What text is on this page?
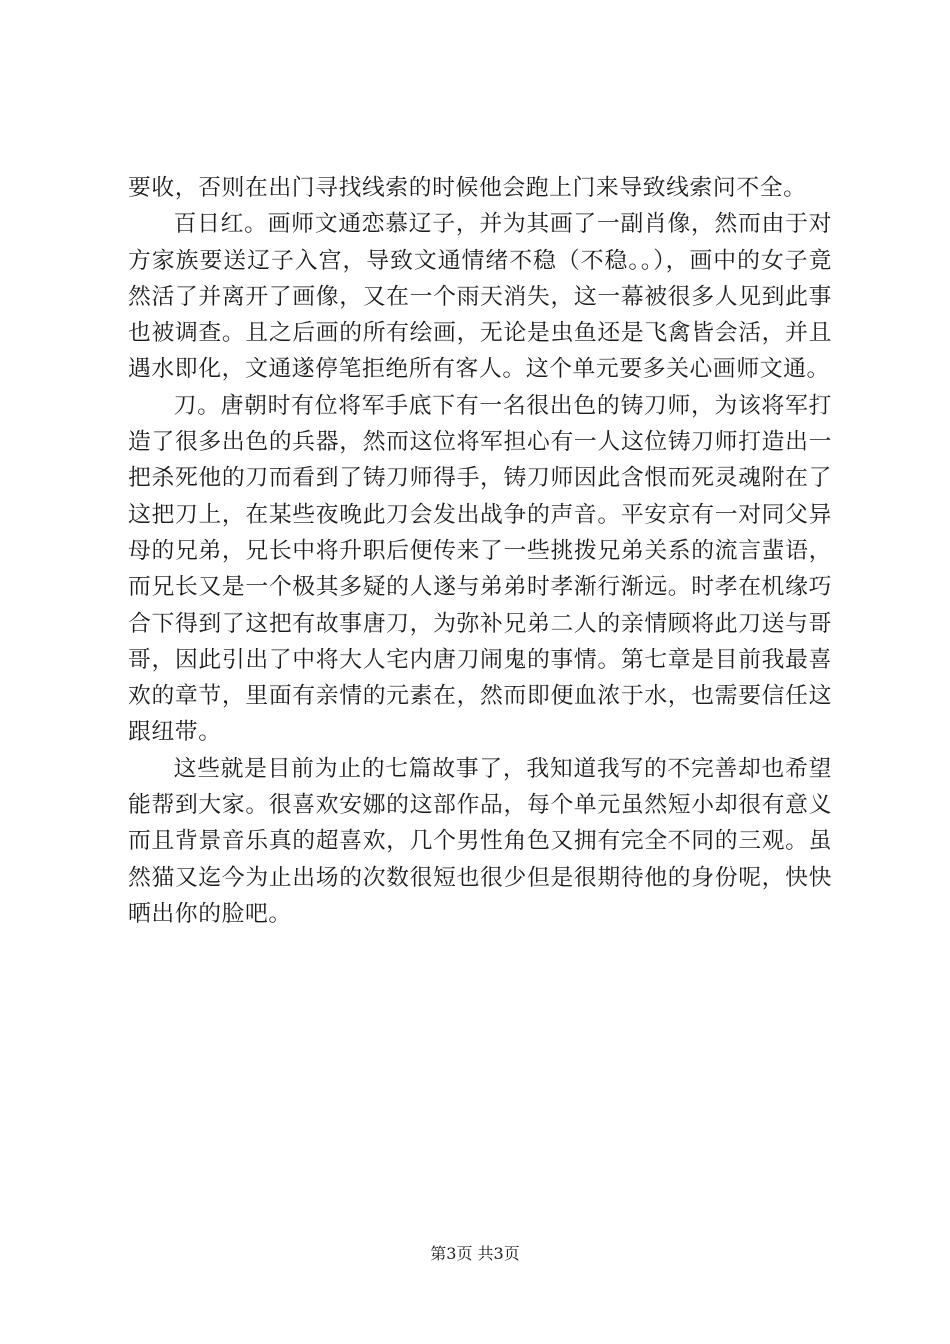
要收，否则在出门寻找线索的时候他会跑上门来导致线索问不全。

百日红。画师文通恋慕辽子，并为其画了一副肖像，然而由于对方家族要送辽子入宫，导致文通情绪不稳（不稳。。），画中的女子竟然活了并离开了画像，又在一个雨天消失，这一幕被很多人见到此事也被调查。且之后画的所有绘画，无论是虫鱼还是飞禽皆会活，并且遇水即化，文通遂停笔拒绝所有客人。这个单元要多关心画师文通。

刀。唐朝时有位将军手底下有一名很出色的铸刀师，为该将军打造了很多出色的兵器，然而这位将军担心有一人这位铸刀师打造出一把杀死他的刀而看到了铸刀师得手，铸刀师因此含恨而死灵魂附在了这把刀上，在某些夜晚此刀会发出战争的声音。平安京有一对同父异母的兄弟，兄长中将升职后便传来了一些挑拨兄弟关系的流言蜚语，而兄长又是一个极其多疑的人遂与弟弟时孝渐行渐远。时孝在机缘巧合下得到了这把有故事唐刀，为弥补兄弟二人的亲情顾将此刀送与哥哥，因此引出了中将大人宅内唐刀闹鬼的事情。第七章是目前我最喜欢的章节，里面有亲情的元素在，然而即便血浓于水，也需要信任这跟纽带。

这些就是目前为止的七篇故事了，我知道我写的不完善却也希望能帮到大家。很喜欢安娜的这部作品，每个单元虽然短小却很有意义而且背景音乐真的超喜欢，几个男性角色又拥有完全不同的三观。虽然猫又迄今为止出场的次数很短也很少但是很期待他的身份呢，快快晒出你的脸吧。

第3页 共3页
